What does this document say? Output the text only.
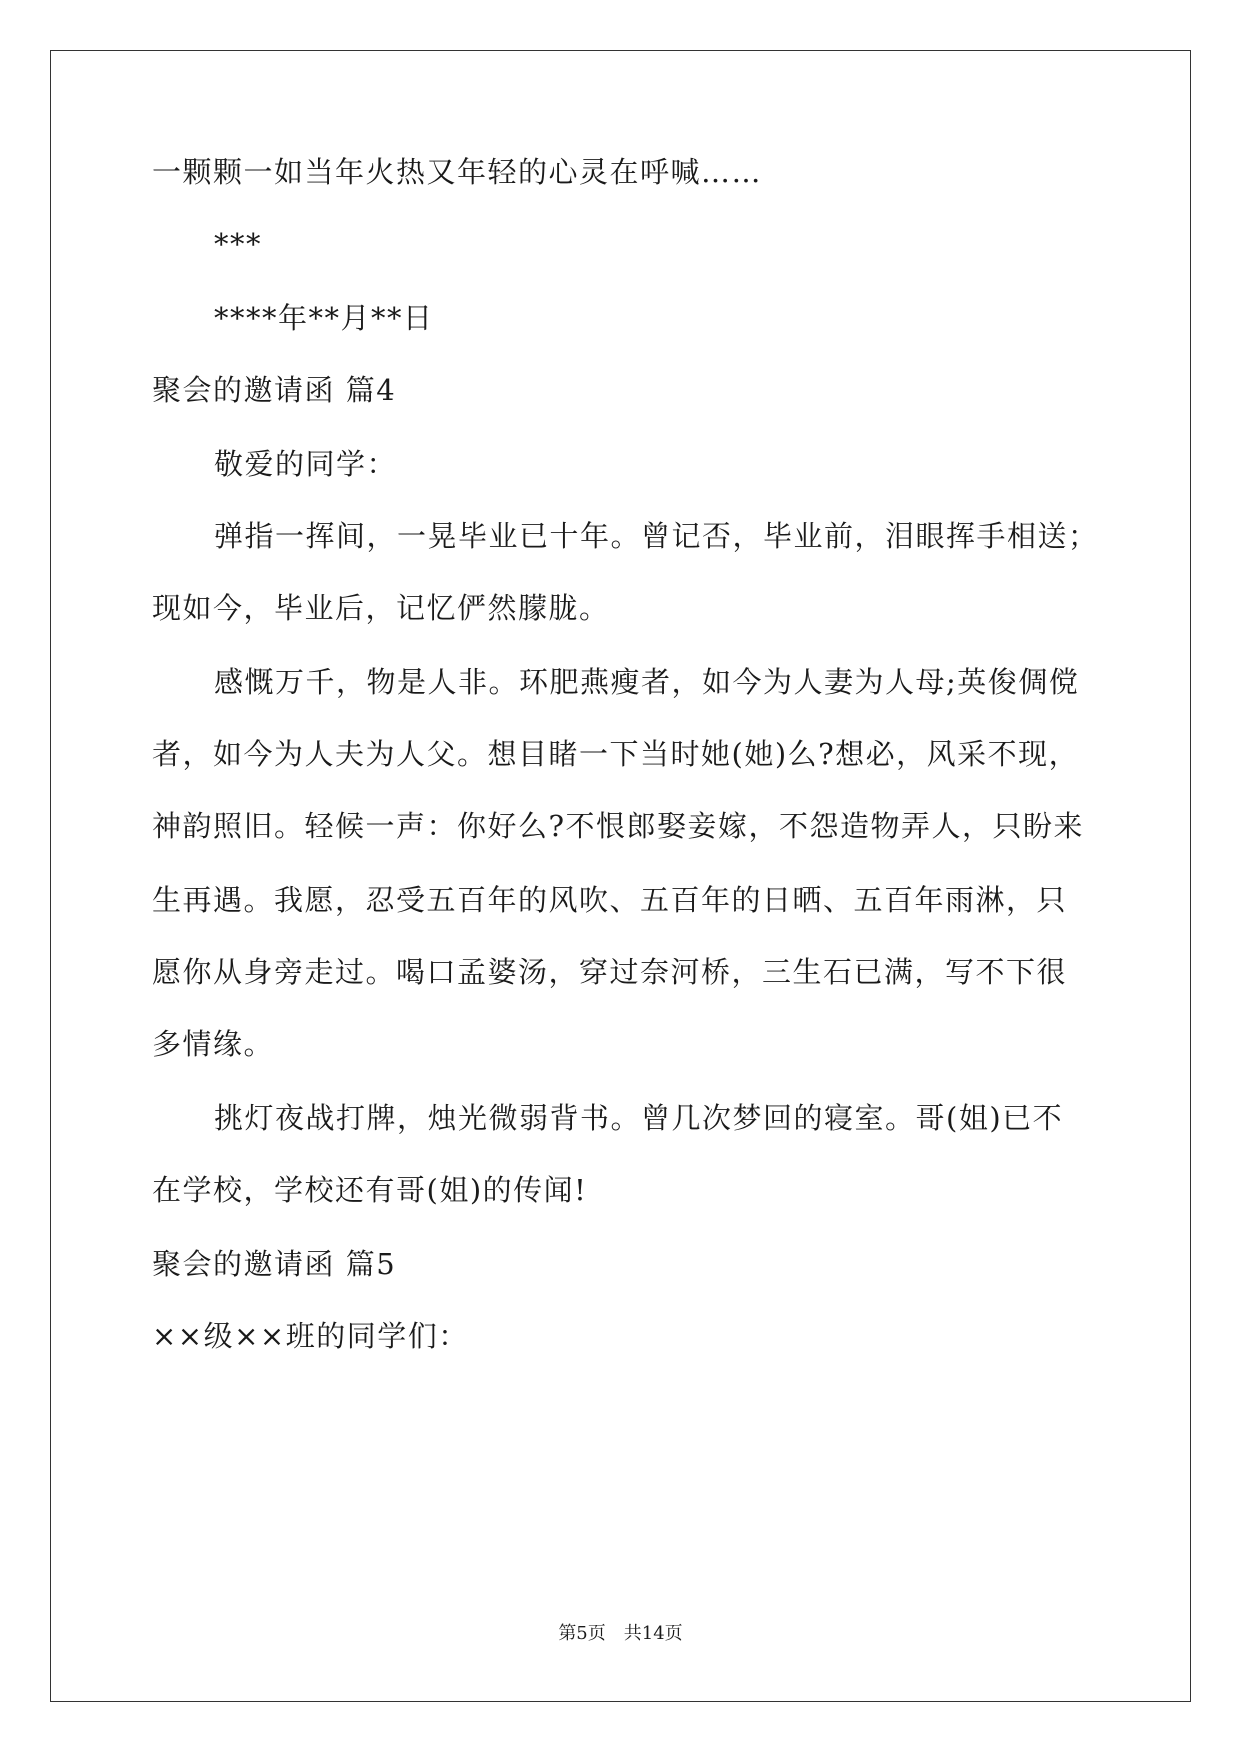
一颗颗一如当年火热又年轻的心灵在呼喊……
***
****年**月**日
聚会的邀请函 篇4
敬爱的同学：
弹指一挥间，一晃毕业已十年。曾记否，毕业前，泪眼挥手相送；
现如今，毕业后，记忆俨然朦胧。
感慨万千，物是人非。环肥燕瘦者，如今为人妻为人母;英俊倜傥
者，如今为人夫为人父。想目睹一下当时她(她)么?想必，风采不现，
神韵照旧。轻候一声：你好么?不恨郎娶妾嫁，不怨造物弄人，只盼来
生再遇。我愿，忍受五百年的风吹、五百年的日晒、五百年雨淋，只
愿你从身旁走过。喝口孟婆汤，穿过奈河桥，三生石已满，写不下很
多情缘。
挑灯夜战打牌，烛光微弱背书。曾几次梦回的寝室。哥(姐)已不
在学校，学校还有哥(姐)的传闻!
聚会的邀请函 篇5
××级××班的同学们：
第5页 共14页
